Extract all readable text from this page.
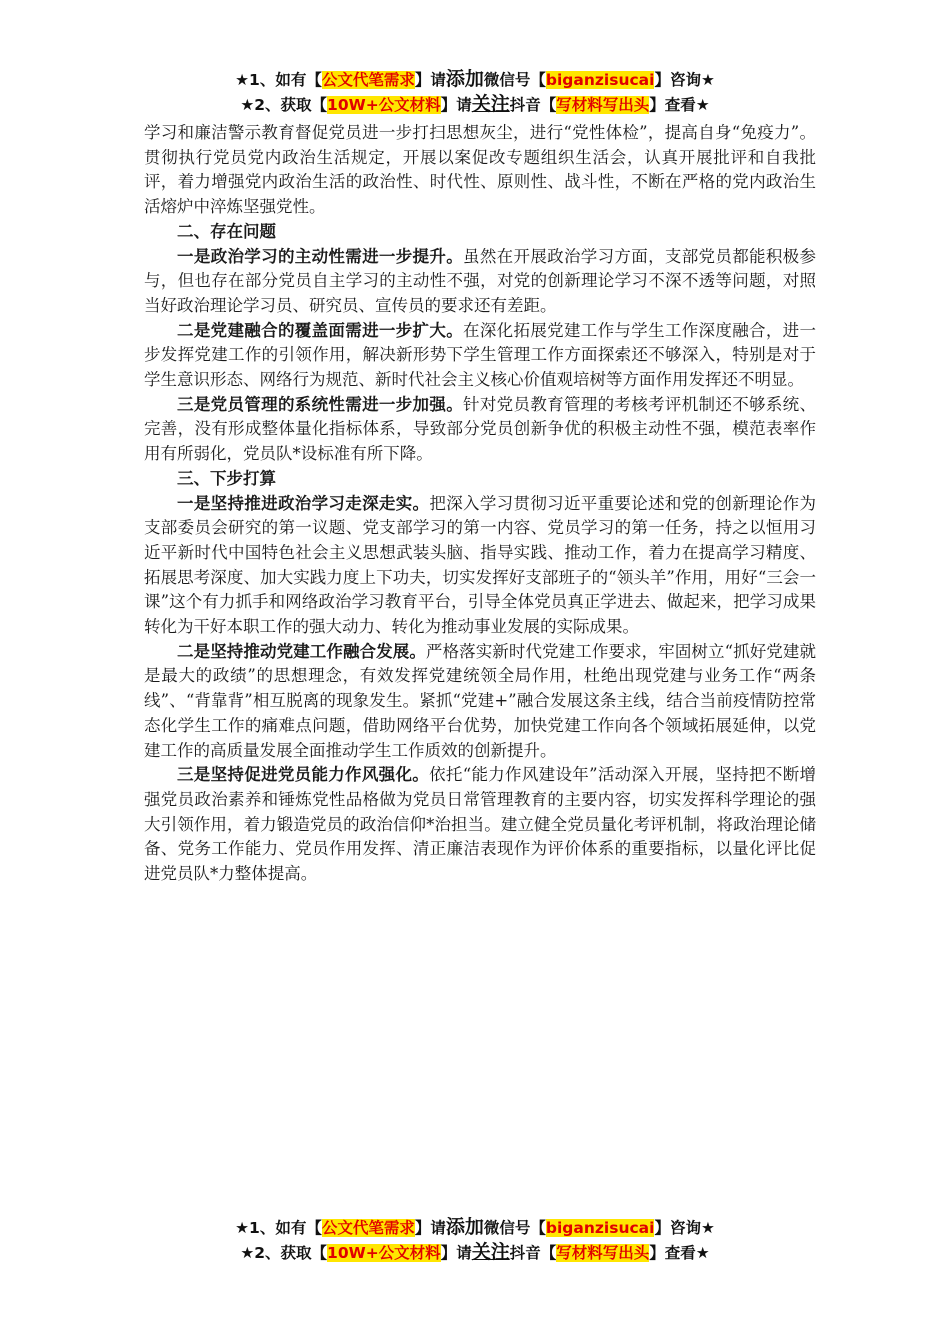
★1、如有【公文代笔需求】请添加微信号【biganzisucai】咨询★
★2、获取【10W+公文材料】请关注抖音【写材料写出头】查看★

学习和廉洁警示教育督促党员进一步打扫思想灰尘，进行“党性体检”，提高自身“免疫力”。贯彻执行党员党内政治生活规定，开展以案促改专题组织生活会，认真开展批评和自我批评，着力增强党内政治生活的政治性、时代性、原则性、战斗性，不断在严格的党内政治生活熔炉中淬炼坚强党性。

二、存在问题

一是政治学习的主动性需进一步提升。虽然在开展政治学习方面，支部党员都能积极参与，但也存在部分党员自主学习的主动性不强，对党的创新理论学习不深不透等问题，对照当好政治理论学习员、研究员、宣传员的要求还有差距。

二是党建融合的覆盖面需进一步扩大。在深化拓展党建工作与学生工作深度融合，进一步发挥党建工作的引领作用，解决新形势下学生管理工作方面探索还不够深入，特别是对于学生意识形态、网络行为规范、新时代社会主义核心价值观培树等方面作用发挥还不明显。

三是党员管理的系统性需进一步加强。针对党员教育管理的考核考评机制还不够系统、完善，没有形成整体量化指标体系，导致部分党员创新争优的积极主动性不强，模范表率作用有所弱化，党员队*设标准有所下降。

三、下步打算

一是坚持推进政治学习走深走实。把深入学习贯彻习近平重要论述和党的创新理论作为支部委员会研究的第一议题、党支部学习的第一内容、党员学习的第一任务，持之以恒用习近平新时代中国特色社会主义思想武装头脑、指导实践、推动工作，着力在提高学习精度、拓展思考深度、加大实践力度上下功夫，切实发挥好支部班子的“领头羊”作用，用好“三会一课”这个有力抓手和网络政治学习教育平台，引导全体党员真正学进去、做起来，把学习成果转化为干好本职工作的强大动力、转化为推动事业发展的实际成果。

二是坚持推动党建工作融合发展。严格落实新时代党建工作要求，牢固树立“抓好党建就是最大的政绩”的思想理念，有效发挥党建统领全局作用，杜绝出现党建与业务工作“两条线”、“背靠背”相互脱离的现象发生。紧抓“党建+”融合发展这条主线，结合当前疫情防控常态化学生工作的痛难点问题，借助网络平台优势，加快党建工作向各个领域拓展延伸，以党建工作的高质量发展全面推动学生工作质效的创新提升。

三是坚持促进党员能力作风强化。依托“能力作风建设年”活动深入开展，坚持把不断增强党员政治素养和锤炼党性品格做为党员日常管理教育的主要内容，切实发挥科学理论的强大引领作用，着力锻造党员的政治信仰*治担当。建立健全党员量化考评机制，将政治理论储备、党务工作能力、党员作用发挥、清正廉洁表现作为评价体系的重要指标，以量化评比促进党员队*力整体提高。

★1、如有【公文代笔需求】请添加微信号【biganzisucai】咨询★
★2、获取【10W+公文材料】请关注抖音【写材料写出头】查看★
